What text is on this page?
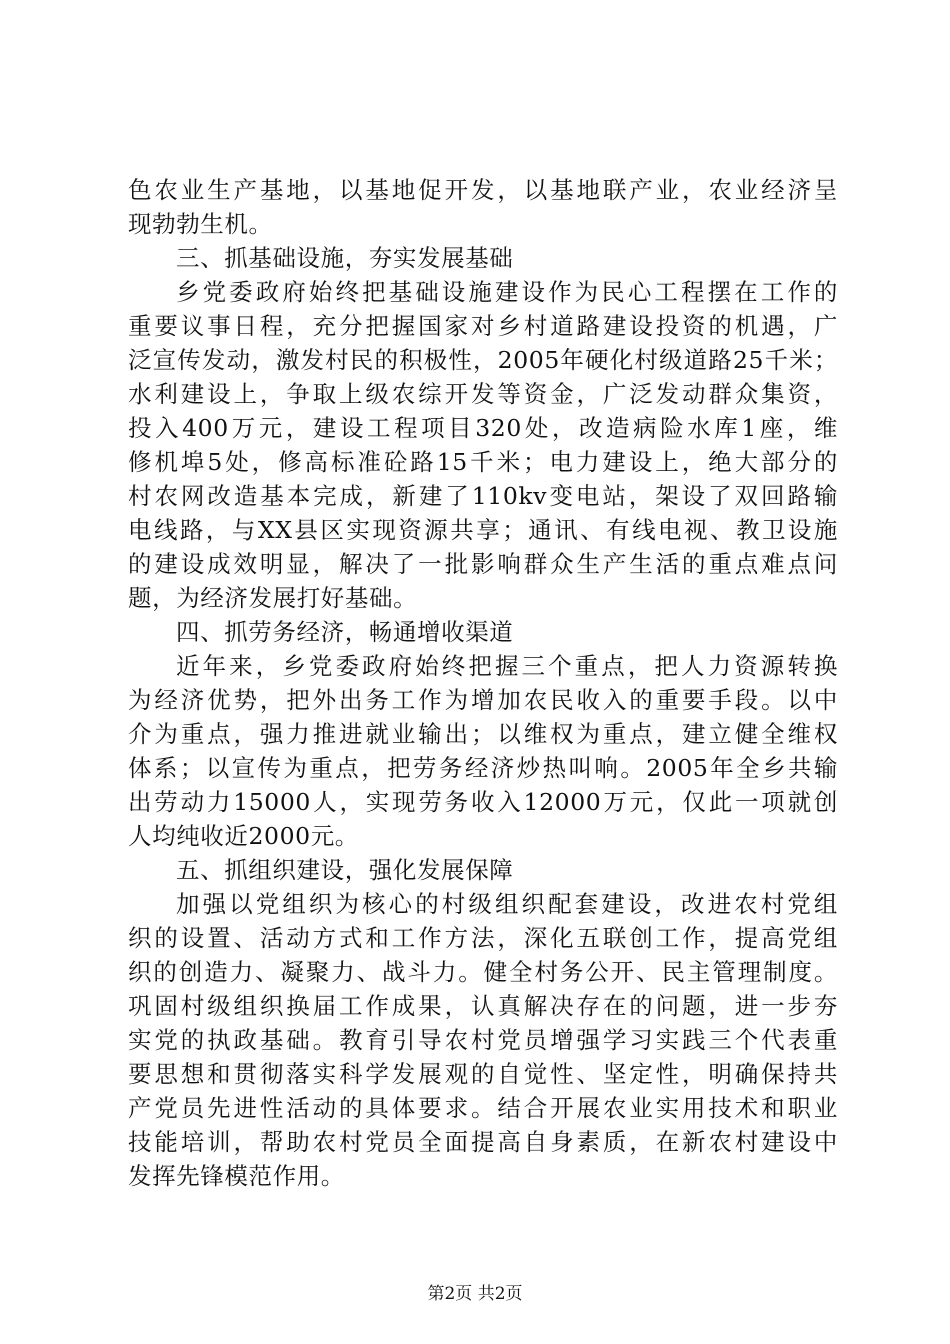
色农业生产基地，以基地促开发，以基地联产业，农业经济呈
现勃勃生机。
三、抓基础设施，夯实发展基础
乡党委政府始终把基础设施建设作为民心工程摆在工作的
重要议事日程，充分把握国家对乡村道路建设投资的机遇，广
泛宣传发动，激发村民的积极性，2005年硬化村级道路25千米；
水利建设上，争取上级农综开发等资金，广泛发动群众集资，
投入400万元，建设工程项目320处，改造病险水库1座，维
修机埠5处，修高标准砼路15千米；电力建设上，绝大部分的
村农网改造基本完成，新建了110kv变电站，架设了双回路输
电线路，与XX县区实现资源共享；通讯、有线电视、教卫设施
的建设成效明显，解决了一批影响群众生产生活的重点难点问
题，为经济发展打好基础。
四、抓劳务经济，畅通增收渠道
近年来，乡党委政府始终把握三个重点，把人力资源转换
为经济优势，把外出务工作为增加农民收入的重要手段。以中
介为重点，强力推进就业输出；以维权为重点，建立健全维权
体系；以宣传为重点，把劳务经济炒热叫响。2005年全乡共输
出劳动力15000人，实现劳务收入12000万元，仅此一项就创
人均纯收近2000元。
五、抓组织建设，强化发展保障
加强以党组织为核心的村级组织配套建设，改进农村党组
织的设置、活动方式和工作方法，深化五联创工作，提高党组
织的创造力、凝聚力、战斗力。健全村务公开、民主管理制度。
巩固村级组织换届工作成果，认真解决存在的问题，进一步夯
实党的执政基础。教育引导农村党员增强学习实践三个代表重
要思想和贯彻落实科学发展观的自觉性、坚定性，明确保持共
产党员先进性活动的具体要求。结合开展农业实用技术和职业
技能培训，帮助农村党员全面提高自身素质，在新农村建设中
发挥先锋模范作用。
第2页 共2页
